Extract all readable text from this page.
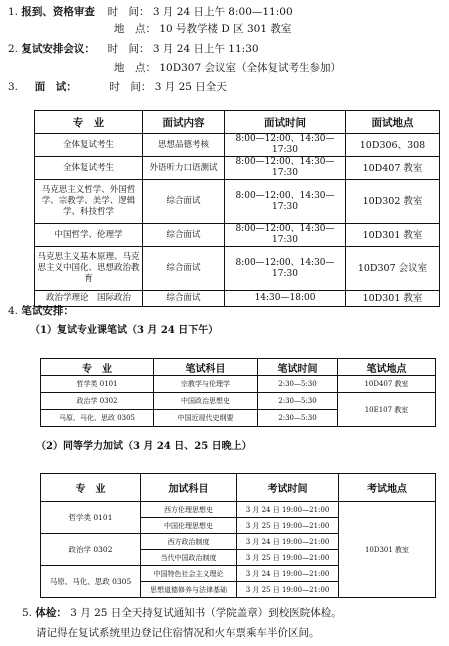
1. 报到、资格审查 时　间： 3 月 24 日上午 8:00—11:00
地　点： 10 号教学楼 D 区 301 教室
2. 复试安排会议： 时　间： 3 月 24 日上午 11:30
地　点： 10D307 会议室（全体复试考生参加）
3. 面　试：	时　间： 3 月 25 日全天
专　业	面试内容	面试时间	面试地点
全体复试考生	思想品德考核	8:00—12:00、14:30—17:30	10D306、308
全体复试考生	外语听力口语测试	8:00—12:00、14:30—17:30	10D407 教室
马克思主义哲学、外国哲学、宗教学、美学、逻辑学、科技哲学	综合面试	8:00—12:00、14:30—17:30	10D302 教室
中国哲学、伦理学	综合面试	8:00—12:00、14:30—17:30	10D301 教室
马克思主义基本原理、马克思主义中国化、思想政治教育	综合面试	8:00—12:00、14:30—17:30	10D307 会议室
政治学理论　国际政治	综合面试	14:30—18:00	10D301 教室
4. 笔试安排：
（1）复试专业课笔试（3 月 24 日下午）
专　业	笔试科目	笔试时间	笔试地点
哲学类 0101	宗教学与伦理学	2:30—5:30	10D407 教室
政治学 0302	中国政治思想史	2:30—5:30	10E107 教室
马原、马化、思政 0305	中国近现代史纲要	2:30—5:30	
（2）同等学力加试（3 月 24 日、25 日晚上）
专　业	加试科目	考试时间	考试地点
哲学类 0101	西方伦理思想史	3 月 24 日 19:00—21:00	10D301 教室
	中国伦理思想史	3 月 25 日 19:00—21:00	
政治学 0302	西方政治制度	3 月 24 日 19:00—21:00	
	当代中国政治制度	3 月 25 日 19:00—21:00	
马原、马化、思政 0305	中国特色社会主义理论	3 月 24 日 19:00—21:00	
	思想道德修养与法律基础	3 月 25 日 19:00—21:00	
5. 体检： 3 月 25 日全天持复试通知书（学院盖章）到校医院体检。
请记得在复试系统里边登记住宿情况和火车票乘车半价区间。
